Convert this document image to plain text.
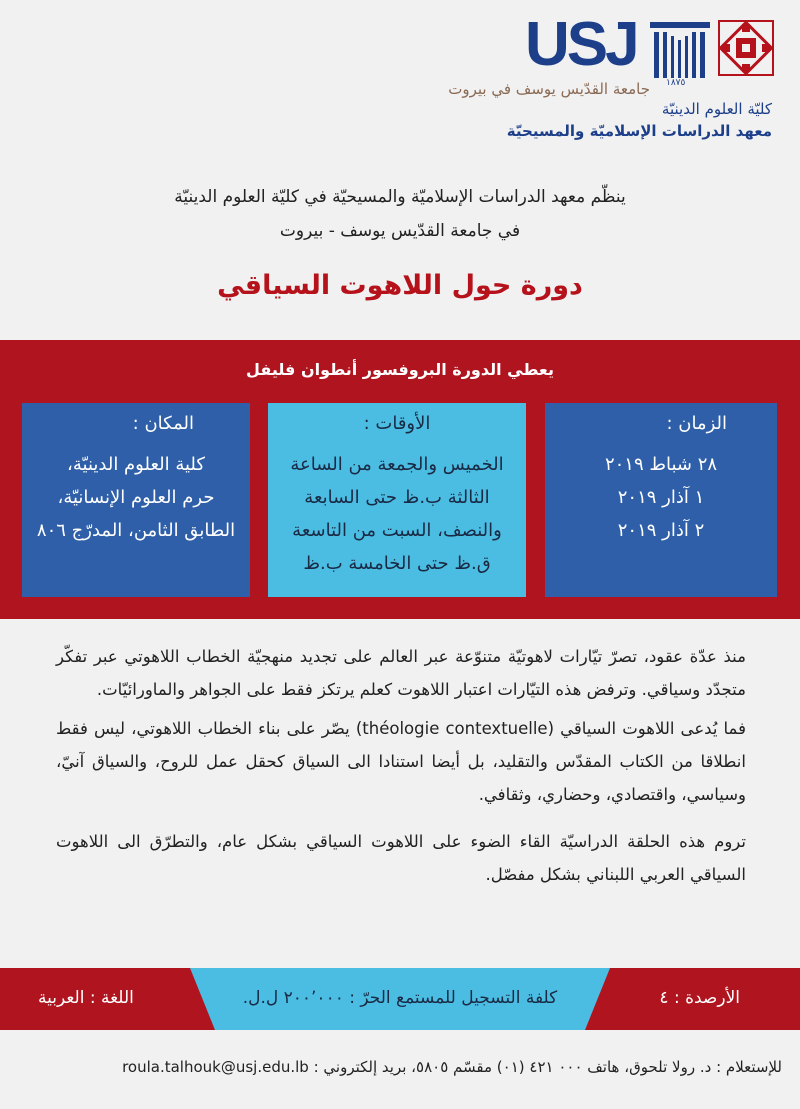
USJ
١٨٧٥
جامعة القدّيس يوسف في بيروت
كليّة العلوم الدينيّة
معهد الدراسات الإسلاميّة والمسيحيّة
ينظّم معهد الدراسات الإسلاميّة والمسيحيّة في كليّة العلوم الدينيّة
في جامعة القدّيس يوسف - بيروت
دورة حول اللاهوت السياقي
يعطي الدورة البروفسور أنطوان فليفل
الزمان :
٢٨ شباط ٢٠١٩
١ آذار ٢٠١٩
٢ آذار ٢٠١٩
الأوقات :
الخميس والجمعة من الساعة
الثالثة ب.ظ حتى السابعة
والنصف، السبت من التاسعة
ق.ظ حتى الخامسة ب.ظ
المكان :
كلية العلوم الدينيّة،
حرم العلوم الإنسانيّة،
الطابق الثامن، المدرّج ٨٠٦

منذ عدّة عقود، تصرّ تيّارات لاهوتيّة متنوّعة عبر العالم على تجديد منهجيّة الخطاب اللاهوتي عبر تفكّر متجدّد وسياقي. وترفض هذه التيّارات اعتبار اللاهوت كعلم يرتكز فقط على الجواهر والماورائيّات.

فما يُدعى اللاهوت السياقي (théologie contextuelle) يصّر على بناء الخطاب اللاهوتي، ليس فقط انطلاقا من الكتاب المقدّس والتقليد، بل أيضا استنادا الى السياق كحقل عمل للروح، والسياق آنيّ، وسياسي، واقتصادي، وحضاري، وثقافي.

تروم هذه الحلقة الدراسيّة القاء الضوء على اللاهوت السياقي بشكل عام، والتطرّق الى اللاهوت السياقي العربي اللبناني بشكل مفصّل.

كلفة التسجيل للمستمع الحرّ : ٢٠٠٬٠٠٠ ل.ل.	الأرصدة : ٤
اللغة : العربية
للإستعلام : د. رولا تلحوق، هاتف ٠٠٠ ٤٢١ (٠١) مقسّم ٥٨٠٥، بريد إلكتروني : roula.talhouk@usj.edu.lb
